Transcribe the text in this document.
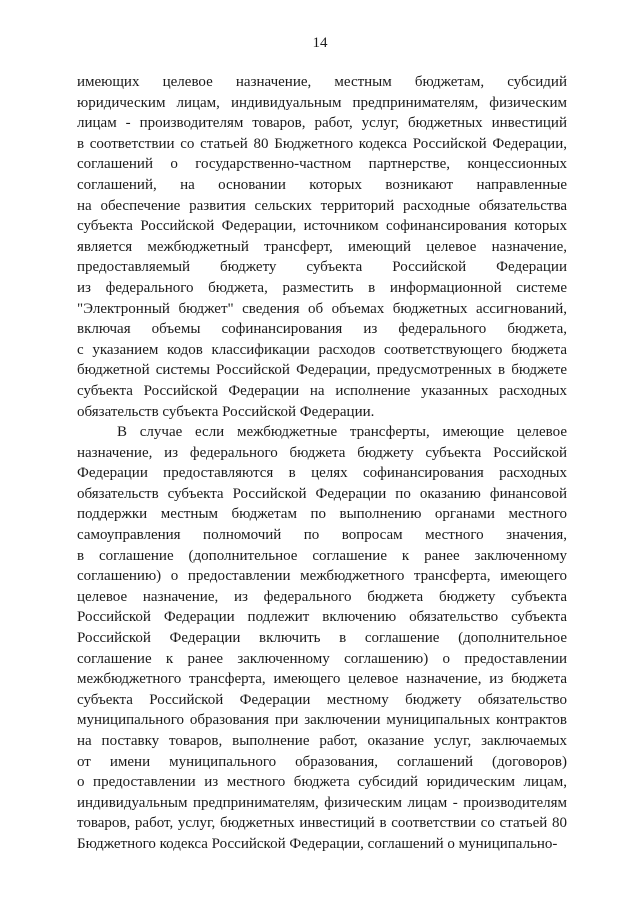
14
имеющих целевое назначение, местным бюджетам, субсидий
юридическим лицам, индивидуальным предпринимателям, физическим
лицам - производителям товаров, работ, услуг, бюджетных инвестиций
в соответствии со статьей 80 Бюджетного кодекса Российской Федерации,
соглашений о государственно-частном партнерстве, концессионных
соглашений, на основании которых возникают направленные
на обеспечение развития сельских территорий расходные обязательства
субъекта Российской Федерации, источником софинансирования которых
является межбюджетный трансферт, имеющий целевое назначение,
предоставляемый бюджету субъекта Российской Федерации
из федерального бюджета, разместить в информационной системе
"Электронный бюджет" сведения об объемах бюджетных ассигнований,
включая объемы софинансирования из федерального бюджета,
с указанием кодов классификации расходов соответствующего бюджета
бюджетной системы Российской Федерации, предусмотренных в бюджете
субъекта Российской Федерации на исполнение указанных расходных
обязательств субъекта Российской Федерации.
В случае если межбюджетные трансферты, имеющие целевое
назначение, из федерального бюджета бюджету субъекта Российской
Федерации предоставляются в целях софинансирования расходных
обязательств субъекта Российской Федерации по оказанию финансовой
поддержки местным бюджетам по выполнению органами местного
самоуправления полномочий по вопросам местного значения,
в соглашение (дополнительное соглашение к ранее заключенному
соглашению) о предоставлении межбюджетного трансферта, имеющего
целевое назначение, из федерального бюджета бюджету субъекта
Российской Федерации подлежит включению обязательство субъекта
Российской Федерации включить в соглашение (дополнительное
соглашение к ранее заключенному соглашению) о предоставлении
межбюджетного трансферта, имеющего целевое назначение, из бюджета
субъекта Российской Федерации местному бюджету обязательство
муниципального образования при заключении муниципальных контрактов
на поставку товаров, выполнение работ, оказание услуг, заключаемых
от имени муниципального образования, соглашений (договоров)
о предоставлении из местного бюджета субсидий юридическим лицам,
индивидуальным предпринимателям, физическим лицам - производителям
товаров, работ, услуг, бюджетных инвестиций в соответствии со статьей 80
Бюджетного кодекса Российской Федерации, соглашений о муниципально-
